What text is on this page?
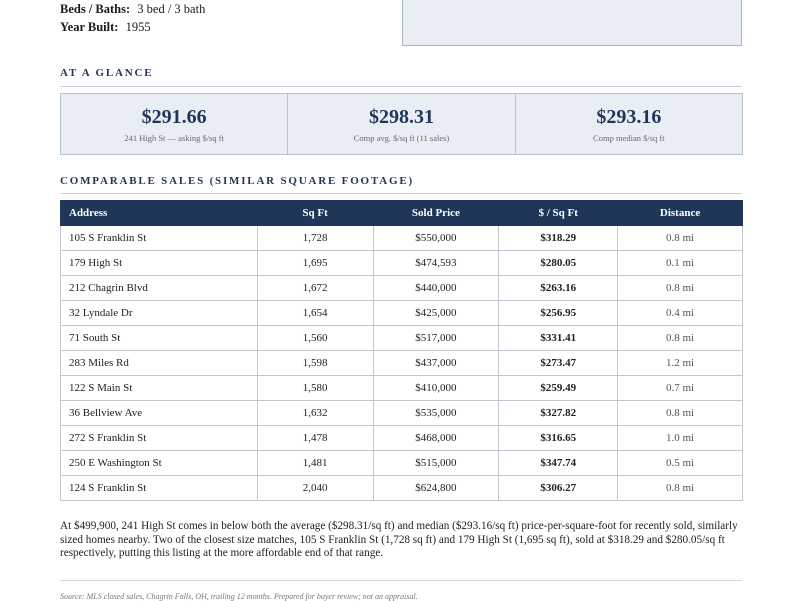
Beds / Baths: 3 bed / 3 bath
Year Built: 1955
AT A GLANCE
$291.66
241 High St — asking $/sq ft
$298.31
Comp avg. $/sq ft (11 sales)
$293.16
Comp median $/sq ft
COMPARABLE SALES (SIMILAR SQUARE FOOTAGE)
Address	Sq Ft	Sold Price	$ / Sq Ft	Distance
105 S Franklin St	1,728	$550,000	$318.29	0.8 mi
179 High St	1,695	$474,593	$280.05	0.1 mi
212 Chagrin Blvd	1,672	$440,000	$263.16	0.8 mi
32 Lyndale Dr	1,654	$425,000	$256.95	0.4 mi
71 South St	1,560	$517,000	$331.41	0.8 mi
283 Miles Rd	1,598	$437,000	$273.47	1.2 mi
122 S Main St	1,580	$410,000	$259.49	0.7 mi
36 Bellview Ave	1,632	$535,000	$327.82	0.8 mi
272 S Franklin St	1,478	$468,000	$316.65	1.0 mi
250 E Washington St	1,481	$515,000	$347.74	0.5 mi
124 S Franklin St	2,040	$624,800	$306.27	0.8 mi
At $499,900, 241 High St comes in below both the average ($298.31/sq ft) and median ($293.16/sq ft) price-per-square-foot for recently sold, similarly sized homes nearby. Two of the closest size matches, 105 S Franklin St (1,728 sq ft) and 179 High St (1,695 sq ft), sold at $318.29 and $280.05/sq ft respectively, putting this listing at the more affordable end of that range.
Source: MLS closed sales, Chagrin Falls, OH, trailing 12 months. Prepared for buyer review; not an appraisal.
